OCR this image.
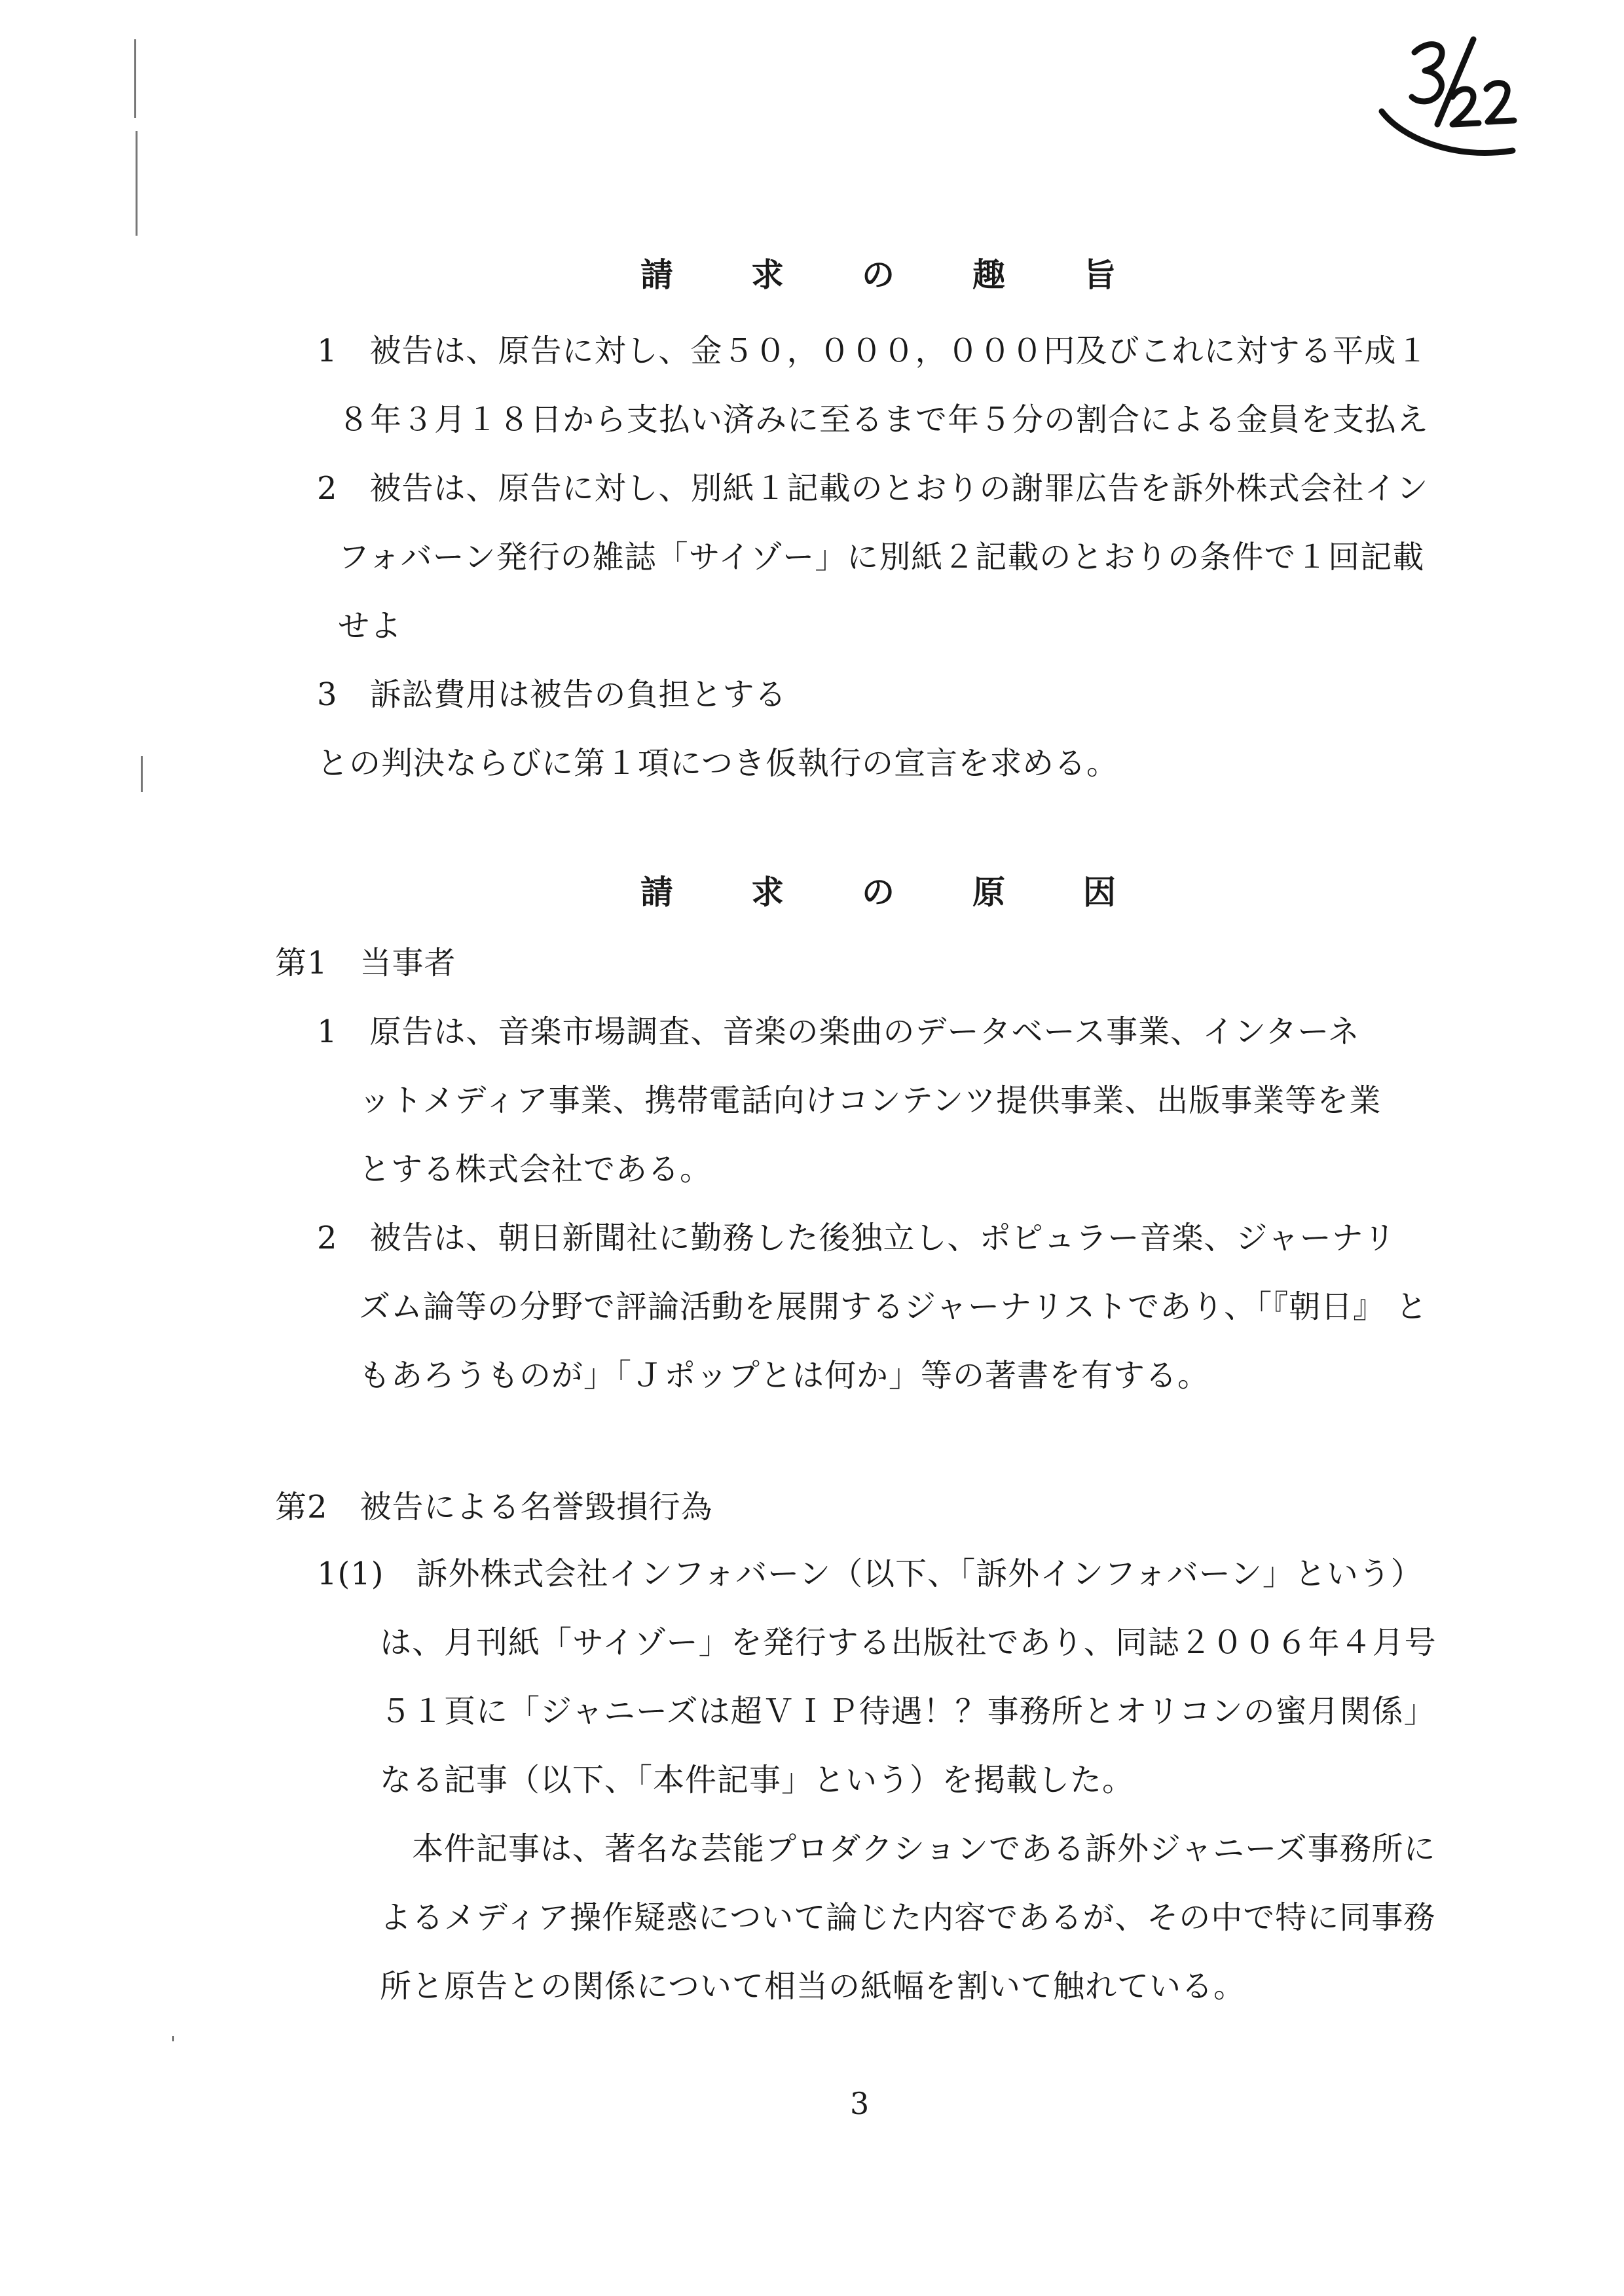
請 求 の 趣 旨
1　被告は、原告に対し、金５０，０００，０００円及びこれに対する平成１
８年３月１８日から支払い済みに至るまで年５分の割合による金員を支払え
2　被告は、原告に対し、別紙１記載のとおりの謝罪広告を訴外株式会社イン
フォバーン発行の雑誌「サイゾー」に別紙２記載のとおりの条件で１回記載
せよ
3　訴訟費用は被告の負担とする
との判決ならびに第１項につき仮執行の宣言を求める。
請 求 の 原 因
第1　当事者
1　原告は、音楽市場調査、音楽の楽曲のデータベース事業、インターネ
ットメディア事業、携帯電話向けコンテンツ提供事業、出版事業等を業
とする株式会社である。
2　被告は、朝日新聞社に勤務した後独立し、ポピュラー音楽、ジャーナリ
ズム論等の分野で評論活動を展開するジャーナリストであり、「『朝日』 と
もあろうものが」「Ｊポップとは何か」等の著書を有する。
第2　被告による名誉毀損行為
1(1)　訴外株式会社インフォバーン（以下、「訴外インフォバーン」という）
は、月刊紙「サイゾー」を発行する出版社であり、同誌２００６年４月号
５１頁に「ジャニーズは超ＶＩＰ待遇！？事務所とオリコンの蜜月関係」
なる記事（以下、「本件記事」という）を掲載した。
　本件記事は、著名な芸能プロダクションである訴外ジャニーズ事務所に
よるメディア操作疑惑について論じた内容であるが、その中で特に同事務
所と原告との関係について相当の紙幅を割いて触れている。
3
